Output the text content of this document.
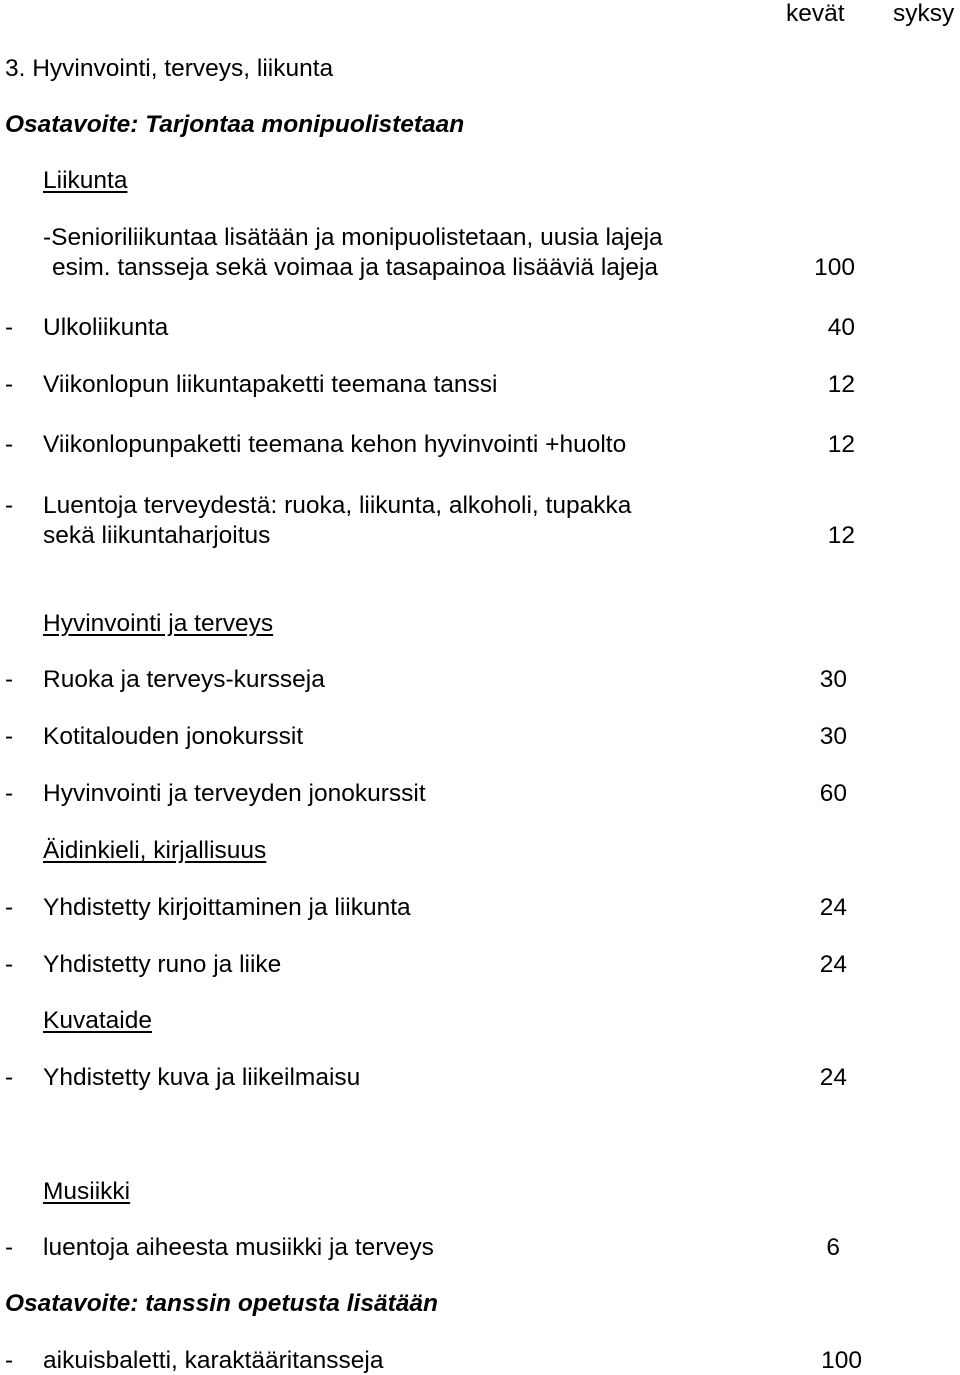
kevät syksy
3. Hyvinvointi, terveys, liikunta
Osatavoite: Tarjontaa monipuolistetaan
Liikunta
-Senioriliikuntaa lisätään ja monipuolistetaan, uusia lajeja
esim. tansseja sekä voimaa ja tasapainoa lisääviä lajeja	100
- Ulkoliikunta	40
- Viikonlopun liikuntapaketti teemana tanssi	12
- Viikonlopunpaketti teemana kehon hyvinvointi +huolto	12
- Luentoja terveydestä: ruoka, liikunta, alkoholi, tupakka
sekä liikuntaharjoitus	12
Hyvinvointi ja terveys
- Ruoka ja terveys-kursseja	30
- Kotitalouden jonokurssit	30
- Hyvinvointi ja terveyden jonokurssit	60
Äidinkieli, kirjallisuus
- Yhdistetty kirjoittaminen ja liikunta	24
- Yhdistetty runo ja liike	24
Kuvataide
- Yhdistetty kuva ja liikeilmaisu	24
Musiikki
- luentoja aiheesta musiikki ja terveys	6
Osatavoite: tanssin opetusta lisätään
- aikuisbaletti, karaktääritansseja	100
